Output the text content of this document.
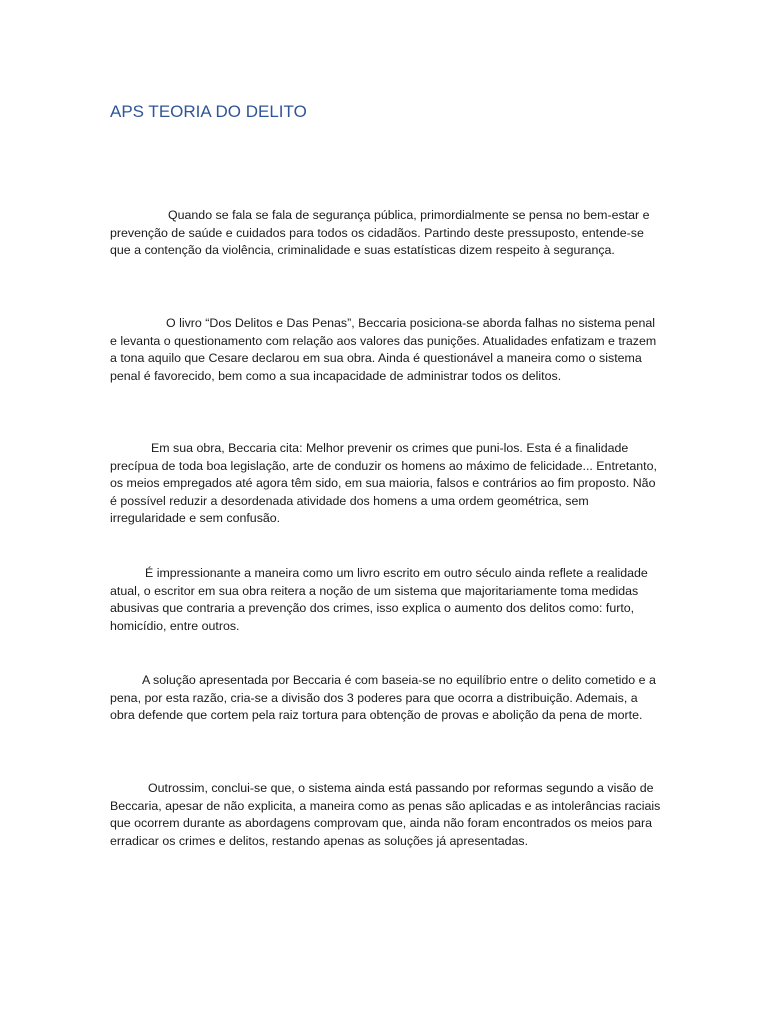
APS TEORIA DO DELITO

Quando se fala se fala de segurança pública, primordialmente se pensa no bem-estar e prevenção de saúde e cuidados para todos os cidadãos. Partindo deste pressuposto, entende-se que a contenção da violência, criminalidade e suas estatísticas dizem respeito à segurança.

O livro “Dos Delitos e Das Penas”, Beccaria posiciona-se aborda falhas no sistema penal e levanta o questionamento com relação aos valores das punições. Atualidades enfatizam e trazem a tona aquilo que Cesare declarou em sua obra. Ainda é questionável a maneira como o sistema penal é favorecido, bem como a sua incapacidade de administrar todos os delitos.

Em sua obra, Beccaria cita: Melhor prevenir os crimes que puni-los. Esta é a finalidade precípua de toda boa legislação, arte de conduzir os homens ao máximo de felicidade... Entretanto, os meios empregados até agora têm sido, em sua maioria, falsos e contrários ao fim proposto. Não é possível reduzir a desordenada atividade dos homens a uma ordem geométrica, sem irregularidade e sem confusão.

É impressionante a maneira como um livro escrito em outro século ainda reflete a realidade atual, o escritor em sua obra reitera a noção de um sistema que majoritariamente toma medidas abusivas que contraria a prevenção dos crimes, isso explica o aumento dos delitos como: furto, homicídio, entre outros.

A solução apresentada por Beccaria é com baseia-se no equilíbrio entre o delito cometido e a pena, por esta razão, cria-se a divisão dos 3 poderes para que ocorra a distribuição. Ademais, a obra defende que cortem pela raiz tortura para obtenção de provas e abolição da pena de morte.

Outrossim, conclui-se que, o sistema ainda está passando por reformas segundo a visão de Beccaria, apesar de não explicita, a maneira como as penas são aplicadas e as intolerâncias raciais que ocorrem durante as abordagens comprovam que, ainda não foram encontrados os meios para erradicar os crimes e delitos, restando apenas as soluções já apresentadas.
